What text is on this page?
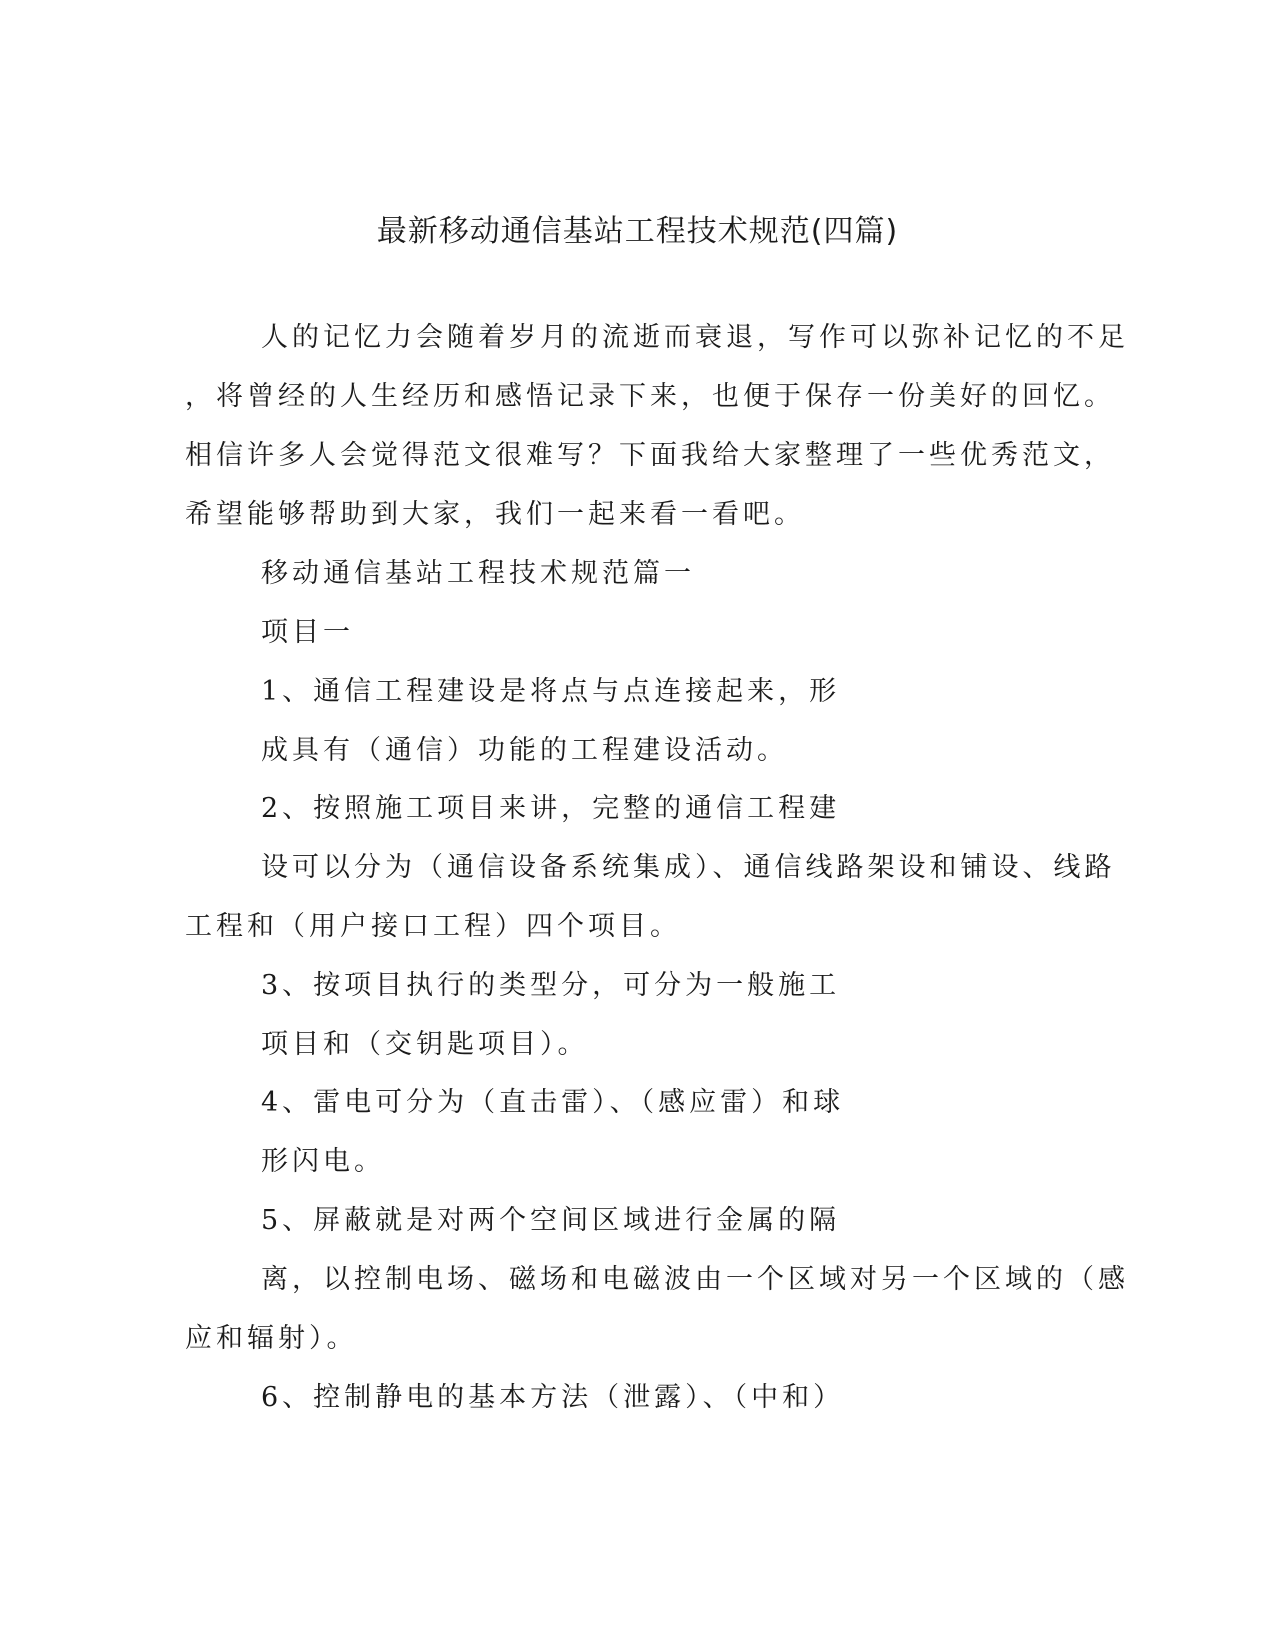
最新移动通信基站工程技术规范(四篇)
人的记忆力会随着岁月的流逝而衰退，写作可以弥补记忆的不足
，将曾经的人生经历和感悟记录下来，也便于保存一份美好的回忆。
相信许多人会觉得范文很难写？下面我给大家整理了一些优秀范文，
希望能够帮助到大家，我们一起来看一看吧。
移动通信基站工程技术规范篇一
项目一
1、通信工程建设是将点与点连接起来，形
成具有（通信）功能的工程建设活动。
2、按照施工项目来讲，完整的通信工程建
设可以分为（通信设备系统集成）、通信线路架设和铺设、线路
工程和（用户接口工程）四个项目。
3、按项目执行的类型分，可分为一般施工
项目和（交钥匙项目）。
4、雷电可分为（直击雷）、（感应雷）和球
形闪电。
5、屏蔽就是对两个空间区域进行金属的隔
离，以控制电场、磁场和电磁波由一个区域对另一个区域的（感
应和辐射）。
6、控制静电的基本方法（泄露）、（中和）
